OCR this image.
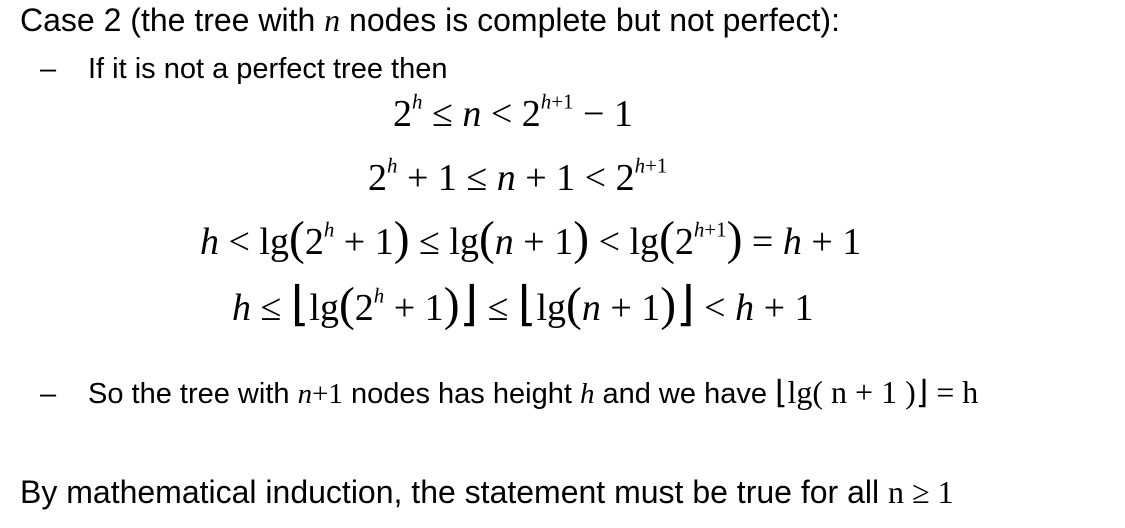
Case 2 (the tree with n nodes is complete but not perfect):
– If it is not a perfect tree then
$2^h \le n < 2^{h+1} - 1$
$2^h + 1 \le n + 1 < 2^{h+1}$
$h < \lg(2^h + 1) \le \lg(n + 1) < \lg(2^{h+1}) = h + 1$
$h \le ⌊\lg(2^h$ + 1)⌋ ≤ ⌊lg(n + 1)⌋ < h + 1
– So the tree with n+1 nodes has height h and we have ⌊lg( n + 1 )⌋ = h
By mathematical induction, the statement must be true for all n ≥ 1
